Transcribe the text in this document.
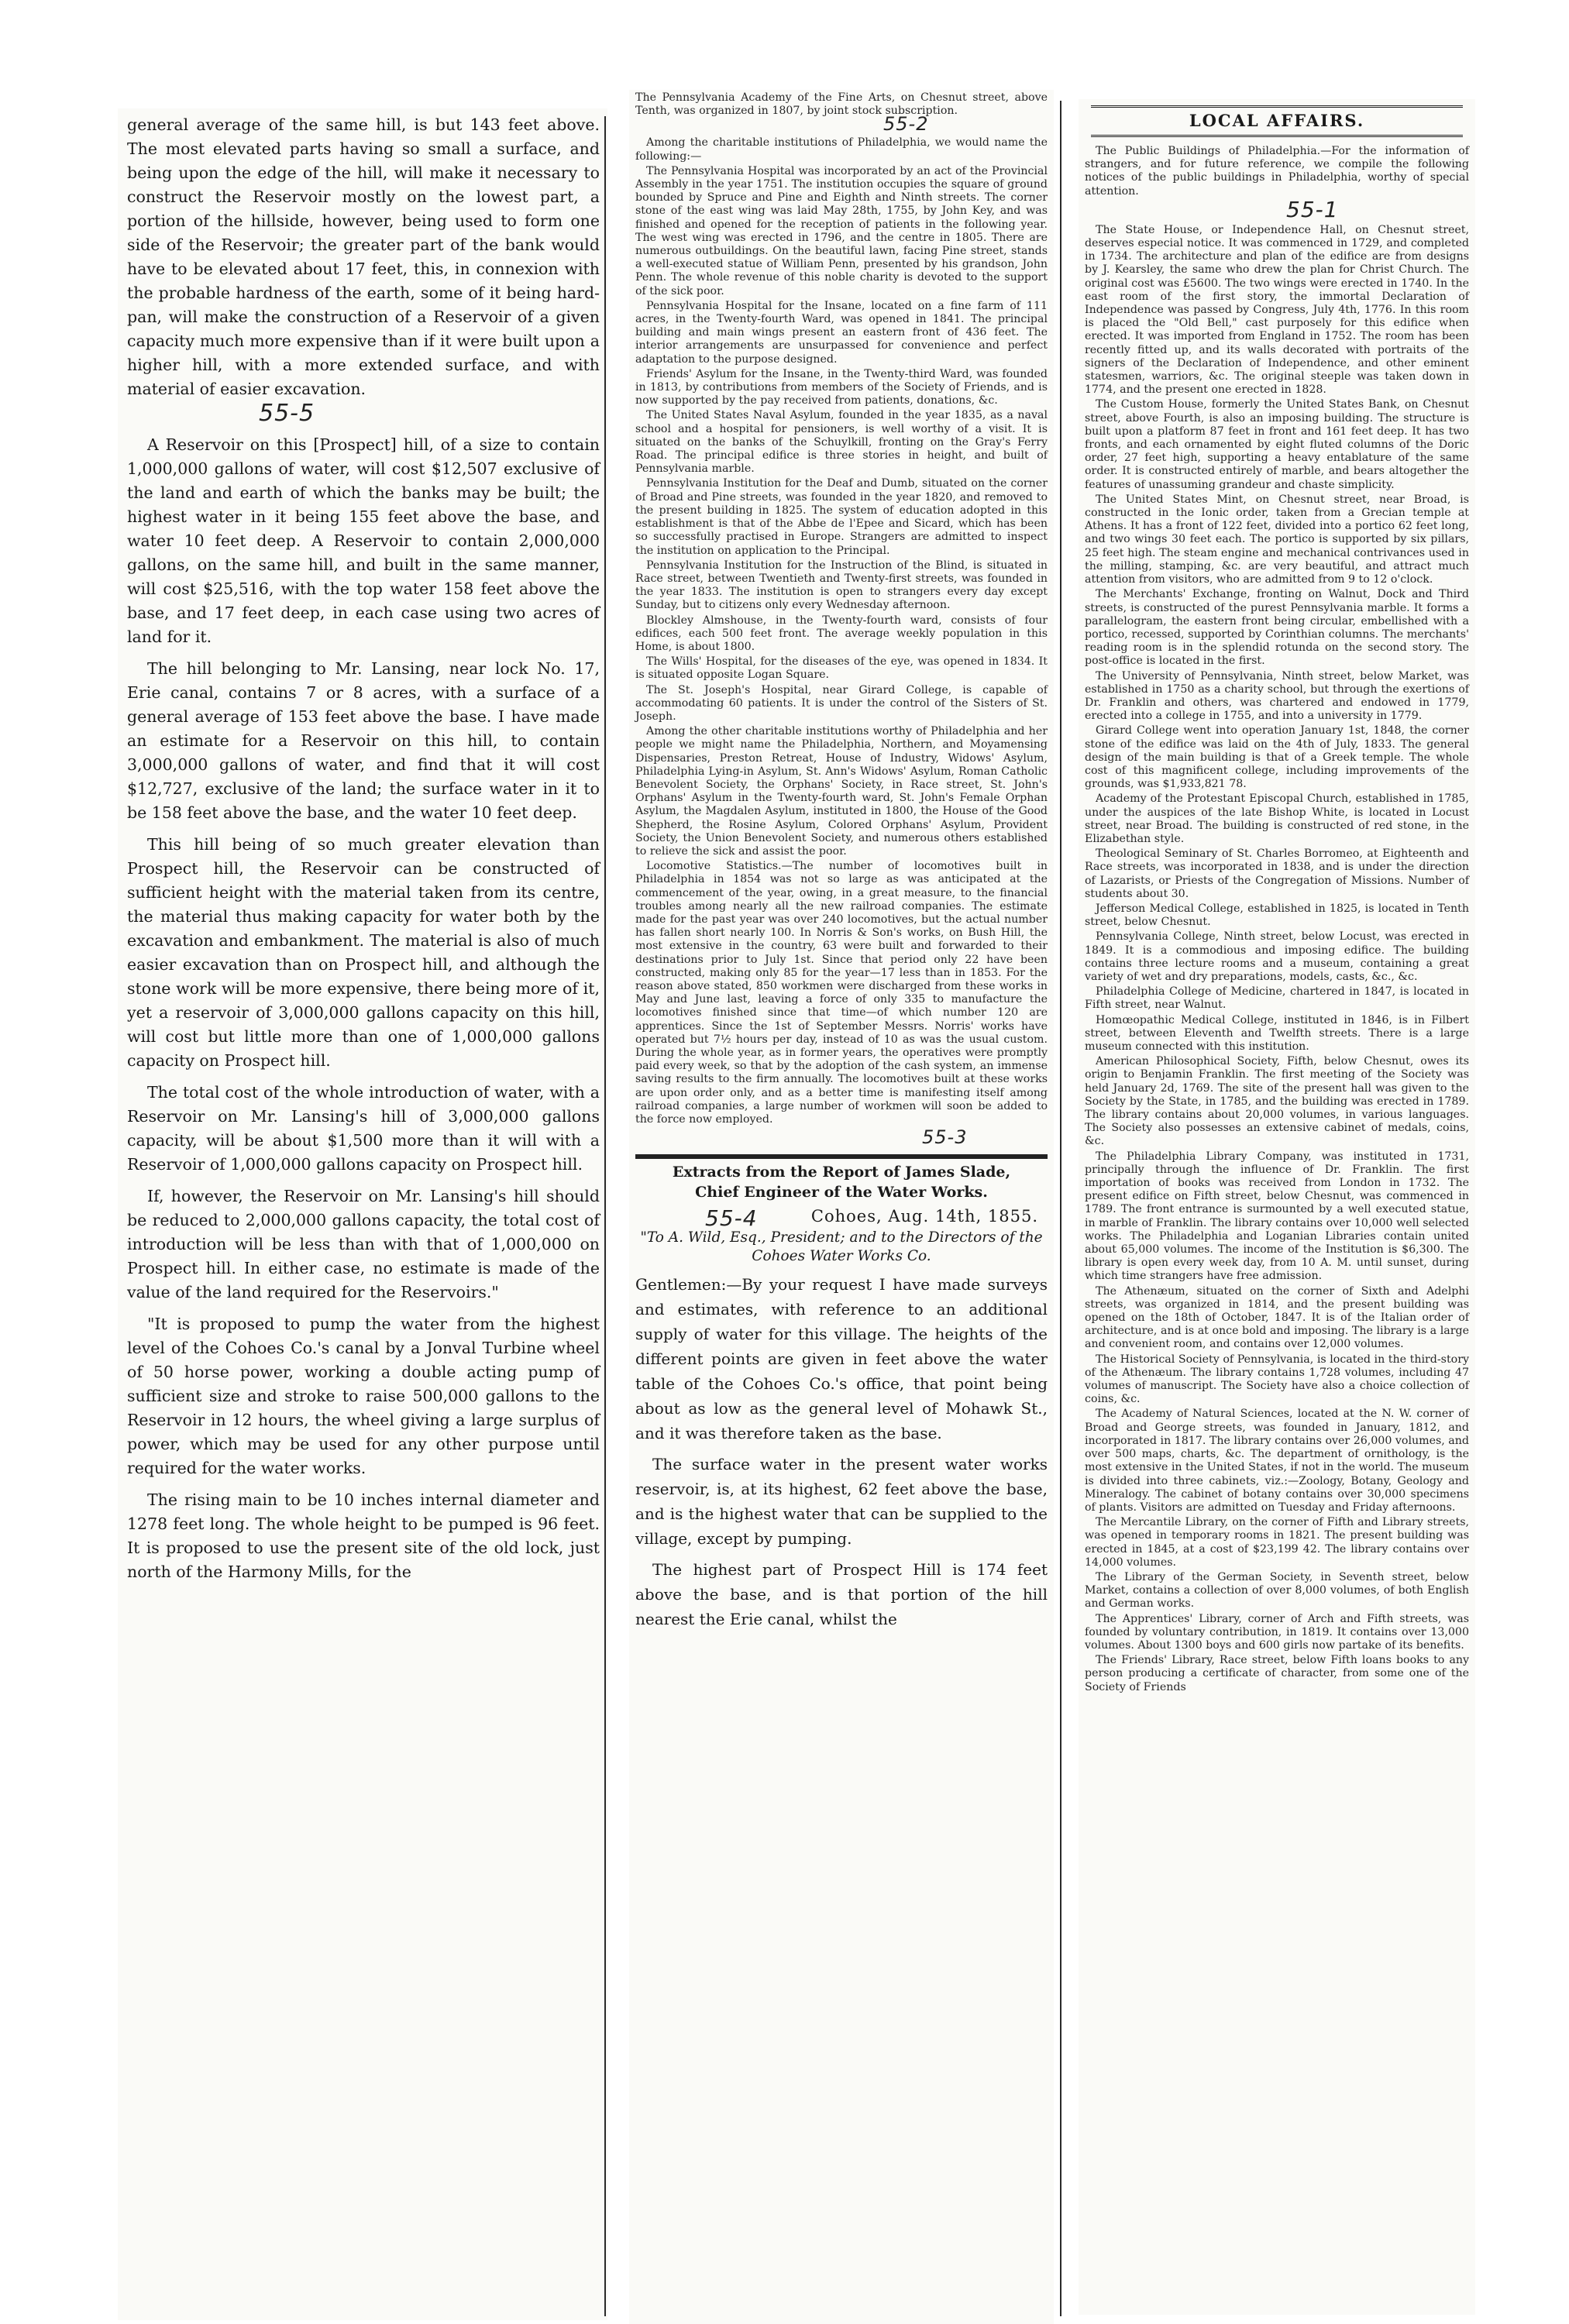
general average of the same hill, is but 143 feet above. The most elevated parts having so small a surface, and being upon the edge of the hill, will make it necessary to construct the Reservoir mostly on the lowest part, a portion of the hillside, however, being used to form one side of the Reservoir; the greater part of the bank would have to be elevated about 17 feet, this, in connexion with the probable hardness of the earth, some of it being hard-pan, will make the construction of a Reservoir of a given capacity much more expensive than if it were built upon a higher hill, with a more extended surface, and with material of easier excavation.

55-5

A Reservoir on this [Prospect] hill, of a size to contain 1,000,000 gallons of water, will cost $12,507 exclusive of the land and earth of which the banks may be built; the highest water in it being 155 feet above the base, and water 10 feet deep. A Reservoir to contain 2,000,000 gallons, on the same hill, and built in the same manner, will cost $25,516, with the top water 158 feet above the base, and 17 feet deep, in each case using two acres of land for it.

The hill belonging to Mr. Lansing, near lock No. 17, Erie canal, contains 7 or 8 acres, with a surface of a general average of 153 feet above the base. I have made an estimate for a Reservoir on this hill, to contain 3,000,000 gallons of water, and find that it will cost $12,727, exclusive of the land; the surface water in it to be 158 feet above the base, and the water 10 feet deep.

This hill being of so much greater elevation than Prospect hill, the Reservoir can be constructed of sufficient height with the material taken from its centre, the material thus making capacity for water both by the excavation and embankment. The material is also of much easier excavation than on Prospect hill, and although the stone work will be more expensive, there being more of it, yet a reservoir of 3,000,000 gallons capacity on this hill, will cost but little more than one of 1,000,000 gallons capacity on Prospect hill.

The total cost of the whole introduction of water, with a Reservoir on Mr. Lansing's hill of 3,000,000 gallons capacity, will be about $1,500 more than it will with a Reservoir of 1,000,000 gallons capacity on Prospect hill.

If, however, the Reservoir on Mr. Lansing's hill should be reduced to 2,000,000 gallons capacity, the total cost of introduction will be less than with that of 1,000,000 on Prospect hill. In either case, no estimate is made of the value of the land required for the Reservoirs."

"It is proposed to pump the water from the highest level of the Cohoes Co.'s canal by a Jonval Turbine wheel of 50 horse power, working a double acting pump of sufficient size and stroke to raise 500,000 gallons to the Reservoir in 12 hours, the wheel giving a large surplus of power, which may be used for any other purpose until required for the water works.

The rising main to be 10 inches internal diameter and 1278 feet long. The whole height to be pumped is 96 feet. It is proposed to use the present site of the old lock, just north of the Harmony Mills, for the

The Pennsylvania Academy of the Fine Arts, on Chesnut street, above Tenth, was organized in 1807, by joint stock subscription.

55-2

Among the charitable institutions of Philadelphia, we would name the following:—

The Pennsylvania Hospital was incorporated by an act of the Provincial Assembly in the year 1751. The institution occupies the square of ground bounded by Spruce and Pine and Eighth and Ninth streets. The corner stone of the east wing was laid May 28th, 1755, by John Key, and was finished and opened for the reception of patients in the following year. The west wing was erected in 1796, and the centre in 1805. There are numerous outbuildings. On the beautiful lawn, facing Pine street, stands a well-executed statue of William Penn, presented by his grandson, John Penn. The whole revenue of this noble charity is devoted to the support of the sick poor.

Pennsylvania Hospital for the Insane, located on a fine farm of 111 acres, in the Twenty-fourth Ward, was opened in 1841. The principal building and main wings present an eastern front of 436 feet. The interior arrangements are unsurpassed for convenience and perfect adaptation to the purpose designed.

Friends' Asylum for the Insane, in the Twenty-third Ward, was founded in 1813, by contributions from members of the Society of Friends, and is now supported by the pay received from patients, donations, &c.

The United States Naval Asylum, founded in the year 1835, as a naval school and a hospital for pensioners, is well worthy of a visit. It is situated on the banks of the Schuylkill, fronting on the Gray's Ferry Road. The principal edifice is three stories in height, and built of Pennsylvania marble.

Pennsylvania Institution for the Deaf and Dumb, situated on the corner of Broad and Pine streets, was founded in the year 1820, and removed to the present building in 1825. The system of education adopted in this establishment is that of the Abbe de l'Epee and Sicard, which has been so successfully practised in Europe. Strangers are admitted to inspect the institution on application to the Principal.

Pennsylvania Institution for the Instruction of the Blind, is situated in Race street, between Twentieth and Twenty-first streets, was founded in the year 1833. The institution is open to strangers every day except Sunday, but to citizens only every Wednesday afternoon.

Blockley Almshouse, in the Twenty-fourth ward, consists of four edifices, each 500 feet front. The average weekly population in this Home, is about 1800.

The Wills' Hospital, for the diseases of the eye, was opened in 1834. It is situated opposite Logan Square.

The St. Joseph's Hospital, near Girard College, is capable of accommodating 60 patients. It is under the control of the Sisters of St. Joseph.

Among the other charitable institutions worthy of Philadelphia and her people we might name the Philadelphia, Northern, and Moyamensing Dispensaries, Preston Retreat, House of Industry, Widows' Asylum, Philadelphia Lying-in Asylum, St. Ann's Widows' Asylum, Roman Catholic Benevolent Society, the Orphans' Society, in Race street, St. John's Orphans' Asylum in the Twenty-fourth ward, St. John's Female Orphan Asylum, the Magdalen Asylum, instituted in 1800, the House of the Good Shepherd, the Rosine Asylum, Colored Orphans' Asylum, Provident Society, the Union Benevolent Society, and numerous others established to relieve the sick and assist the poor.

Locomotive Statistics.—The number of locomotives built in Philadelphia in 1854 was not so large as was anticipated at the commencement of the year, owing, in a great measure, to the financial troubles among nearly all the new railroad companies. The estimate made for the past year was over 240 locomotives, but the actual number has fallen short nearly 100. In Norris & Son's works, on Bush Hill, the most extensive in the country, 63 were built and forwarded to their destinations prior to July 1st. Since that period only 22 have been constructed, making only 85 for the year—17 less than in 1853. For the reason above stated, 850 workmen were discharged from these works in May and June last, leaving a force of only 335 to manufacture the locomotives finished since that time—of which number 120 are apprentices. Since the 1st of September Messrs. Norris' works have operated but 7½ hours per day, instead of 10 as was the usual custom. During the whole year, as in former years, the operatives were promptly paid every week, so that by the adoption of the cash system, an immense saving results to the firm annually. The locomotives built at these works are upon order only, and as a better time is manifesting itself among railroad companies, a large number of workmen will soon be added to the force now employed.

55-3
Extracts from the Report of James Slade,
Chief Engineer of the Water Works.
55-4	Cohoes, Aug. 14th, 1855.
"To A. Wild, Esq., President; and to the Directors of the Cohoes Water Works Co.

Gentlemen:—By your request I have made surveys and estimates, with reference to an additional supply of water for this village. The heights of the different points are given in feet above the water table of the Cohoes Co.'s office, that point being about as low as the general level of Mohawk St., and it was therefore taken as the base.

The surface water in the present water works reservoir, is, at its highest, 62 feet above the base, and is the highest water that can be supplied to the village, except by pumping.

The highest part of Prospect Hill is 174 feet above the base, and is that portion of the hill nearest the Erie canal, whilst the

LOCAL AFFAIRS.

The Public Buildings of Philadelphia.—For the information of strangers, and for future reference, we compile the following notices of the public buildings in Philadelphia, worthy of special attention.

55-1

The State House, or Independence Hall, on Chesnut street, deserves especial notice. It was commenced in 1729, and completed in 1734. The architecture and plan of the edifice are from designs by J. Kearsley, the same who drew the plan for Christ Church. The original cost was £5600. The two wings were erected in 1740. In the east room of the first story, the immortal Declaration of Independence was passed by Congress, July 4th, 1776. In this room is placed the "Old Bell," cast purposely for this edifice when erected. It was imported from England in 1752. The room has been recently fitted up, and its walls decorated with portraits of the signers of the Declaration of Independence, and other eminent statesmen, warriors, &c. The original steeple was taken down in 1774, and the present one erected in 1828.

The Custom House, formerly the United States Bank, on Chesnut street, above Fourth, is also an imposing building. The structure is built upon a platform 87 feet in front and 161 feet deep. It has two fronts, and each ornamented by eight fluted columns of the Doric order, 27 feet high, supporting a heavy entablature of the same order. It is constructed entirely of marble, and bears altogether the features of unassuming grandeur and chaste simplicity.

The United States Mint, on Chesnut street, near Broad, is constructed in the Ionic order, taken from a Grecian temple at Athens. It has a front of 122 feet, divided into a portico 62 feet long, and two wings 30 feet each. The portico is supported by six pillars, 25 feet high. The steam engine and mechanical contrivances used in the milling, stamping, &c. are very beautiful, and attract much attention from visitors, who are admitted from 9 to 12 o'clock.

The Merchants' Exchange, fronting on Walnut, Dock and Third streets, is constructed of the purest Pennsylvania marble. It forms a parallelogram, the eastern front being circular, embellished with a portico, recessed, supported by Corinthian columns. The merchants' reading room is in the splendid rotunda on the second story. The post-office is located in the first.

The University of Pennsylvania, Ninth street, below Market, was established in 1750 as a charity school, but through the exertions of Dr. Franklin and others, was chartered and endowed in 1779, erected into a college in 1755, and into a university in 1779.

Girard College went into operation January 1st, 1848, the corner stone of the edifice was laid on the 4th of July, 1833. The general design of the main building is that of a Greek temple. The whole cost of this magnificent college, including improvements of the grounds, was $1,933,821 78.

Academy of the Protestant Episcopal Church, established in 1785, under the auspices of the late Bishop White, is located in Locust street, near Broad. The building is constructed of red stone, in the Elizabethan style.

Theological Seminary of St. Charles Borromeo, at Eighteenth and Race streets, was incorporated in 1838, and is under the direction of Lazarists, or Priests of the Congregation of Missions. Number of students about 30.

Jefferson Medical College, established in 1825, is located in Tenth street, below Chesnut.

Pennsylvania College, Ninth street, below Locust, was erected in 1849. It is a commodious and imposing edifice. The building contains three lecture rooms and a museum, containing a great variety of wet and dry preparations, models, casts, &c., &c.

Philadelphia College of Medicine, chartered in 1847, is located in Fifth street, near Walnut.

Homœopathic Medical College, instituted in 1846, is in Filbert street, between Eleventh and Twelfth streets. There is a large museum connected with this institution.

American Philosophical Society, Fifth, below Chesnut, owes its origin to Benjamin Franklin. The first meeting of the Society was held January 2d, 1769. The site of the present hall was given to the Society by the State, in 1785, and the building was erected in 1789. The library contains about 20,000 volumes, in various languages. The Society also possesses an extensive cabinet of medals, coins, &c.

The Philadelphia Library Company, was instituted in 1731, principally through the influence of Dr. Franklin. The first importation of books was received from London in 1732. The present edifice on Fifth street, below Chesnut, was commenced in 1789. The front entrance is surmounted by a well executed statue, in marble of Franklin. The library contains over 10,000 well selected works. The Philadelphia and Loganian Libraries contain united about 65,000 volumes. The income of the Institution is $6,300. The library is open every week day, from 10 A. M. until sunset, during which time strangers have free admission.

The Athenæum, situated on the corner of Sixth and Adelphi streets, was organized in 1814, and the present building was opened on the 18th of October, 1847. It is of the Italian order of architecture, and is at once bold and imposing. The library is a large and convenient room, and contains over 12,000 volumes.

The Historical Society of Pennsylvania, is located in the third-story of the Athenæum. The library contains 1,728 volumes, including 47 volumes of manuscript. The Society have also a choice collection of coins, &c.

The Academy of Natural Sciences, located at the N. W. corner of Broad and George streets, was founded in January, 1812, and incorporated in 1817. The library contains over 26,000 volumes, and over 500 maps, charts, &c. The department of ornithology, is the most extensive in the United States, if not in the world. The museum is divided into three cabinets, viz.:—Zoology, Botany, Geology and Mineralogy. The cabinet of botany contains over 30,000 specimens of plants. Visitors are admitted on Tuesday and Friday afternoons.

The Mercantile Library, on the corner of Fifth and Library streets, was opened in temporary rooms in 1821. The present building was erected in 1845, at a cost of $23,199 42. The library contains over 14,000 volumes.

The Library of the German Society, in Seventh street, below Market, contains a collection of over 8,000 volumes, of both English and German works.

The Apprentices' Library, corner of Arch and Fifth streets, was founded by voluntary contribution, in 1819. It contains over 13,000 volumes. About 1300 boys and 600 girls now partake of its benefits.

The Friends' Library, Race street, below Fifth loans books to any person producing a certificate of character, from some one of the Society of Friends
